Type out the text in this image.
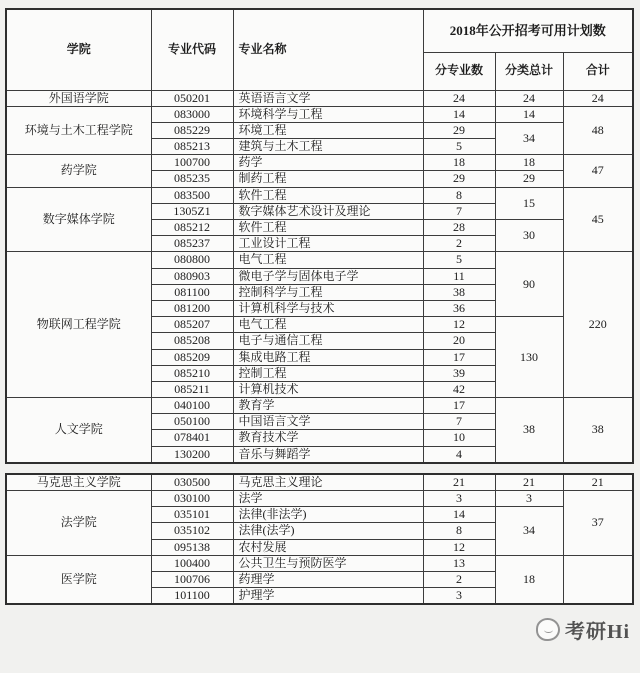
学院	专业代码	专业名称	2018年公开招考可用计划数		
			分专业数	分类总计	合计
外国语学院	050201	英语语言文学	24	24	24
环境与土木工程学院	083000	环境科学与工程	14	14	48
	085229	环境工程	29	34	
	085213	建筑与土木工程	5		
药学院	100700	药学	18	18	47
	085235	制药工程	29	29	
数字媒体学院	083500	软件工程	8	15	45
	1305Z1	数字媒体艺术设计及理论	7		
	085212	软件工程	28	30	
	085237	工业设计工程	2		
物联网工程学院	080800	电气工程	5	90	220
	080903	微电子学与固体电子学	11		
	081100	控制科学与工程	38		
	081200	计算机科学与技术	36		
	085207	电气工程	12	130	
	085208	电子与通信工程	20		
	085209	集成电路工程	17		
	085210	控制工程	39		
	085211	计算机技术	42		
人文学院	040100	教育学	17	38	38
	050100	中国语言文学	7		
	078401	教育技术学	10		
	130200	音乐与舞蹈学	4		
马克思主义学院	030500	马克思主义理论	21	21	21
法学院	030100	法学	3	3	37
	035101	法律(非法学)	14	34	
	035102	法律(法学)	8		
	095138	农村发展	12		
医学院	100400	公共卫生与预防医学	13	18	
	100706	药理学	2		
	101100	护理学	3		
考研Hi
